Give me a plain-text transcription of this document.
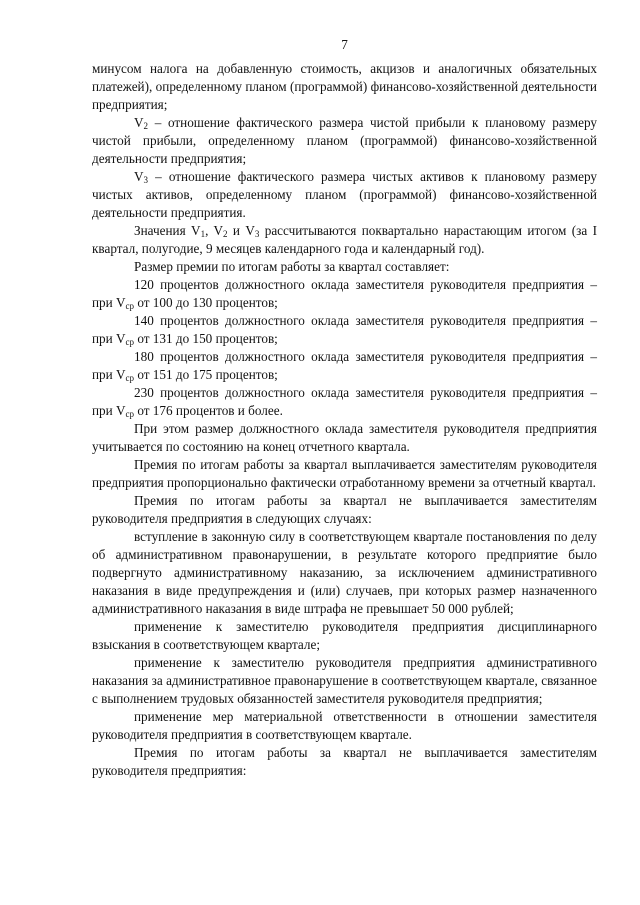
7

минусом налога на добавленную стоимость, акцизов и аналогичных обязательных платежей), определенному планом (программой) финансово-хозяйственной деятельности предприятия;

$V_2$ – отношение фактического размера чистой прибыли к плановому размеру чистой прибыли, определенному планом (программой) финансово-хозяйственной деятельности предприятия;

$V_3$ – отношение фактического размера чистых активов к плановому размеру чистых активов, определенному планом (программой) финансово-хозяйственной деятельности предприятия.

Значения $V_1$, $V_2$ и $V_3$ рассчитываются поквартально нарастающим итогом (за I квартал, полугодие, 9 месяцев календарного года и календарный год).

Размер премии по итогам работы за квартал составляет:

120 процентов должностного оклада заместителя руководителя предприятия – при $V_{ср}$ от 100 до 130 процентов;

140 процентов должностного оклада заместителя руководителя предприятия – при $V_{ср}$ от 131 до 150 процентов;

180 процентов должностного оклада заместителя руководителя предприятия – при $V_{ср}$ от 151 до 175 процентов;

230 процентов должностного оклада заместителя руководителя предприятия – при $V_{ср}$ от 176 процентов и более.

При этом размер должностного оклада заместителя руководителя предприятия учитывается по состоянию на конец отчетного квартала.

Премия по итогам работы за квартал выплачивается заместителям руководителя предприятия пропорционально фактически отработанному времени за отчетный квартал.

Премия по итогам работы за квартал не выплачивается заместителям руководителя предприятия в следующих случаях:

вступление в законную силу в соответствующем квартале постановления по делу об административном правонарушении, в результате которого предприятие было подвергнуто административному наказанию, за исключением административного наказания в виде предупреждения и (или) случаев, при которых размер назначенного административного наказания в виде штрафа не превышает 50 000 рублей;

применение к заместителю руководителя предприятия дисциплинарного взыскания в соответствующем квартале;

применение к заместителю руководителя предприятия административного наказания за административное правонарушение в соответствующем квартале, связанное с выполнением трудовых обязанностей заместителя руководителя предприятия;

применение мер материальной ответственности в отношении заместителя руководителя предприятия в соответствующем квартале.

Премия по итогам работы за квартал не выплачивается заместителям руководителя предприятия:
